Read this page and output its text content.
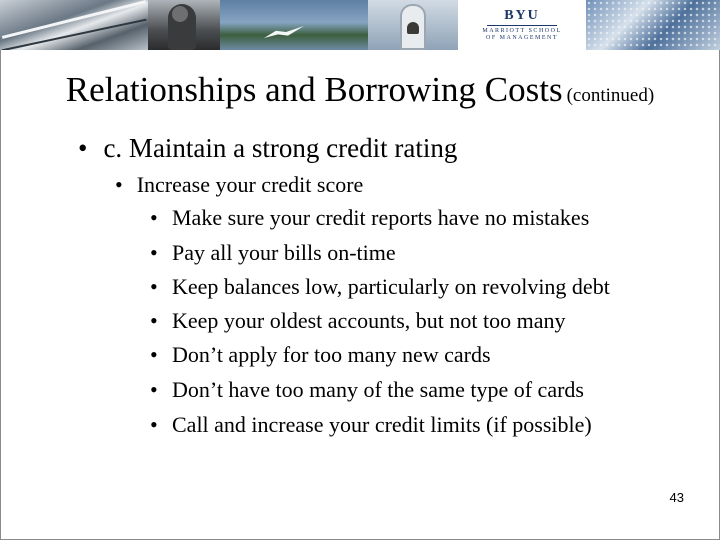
BYU
MARRIOTT SCHOOL
OF MANAGEMENT
Relationships and Borrowing Costs (continued)
• c. Maintain a strong credit rating
• Increase your credit score
• Make sure your credit reports have no mistakes
• Pay all your bills on-time
• Keep balances low, particularly on revolving debt
• Keep your oldest accounts, but not too many
• Don’t apply for too many new cards
• Don’t have too many of the same type of cards
• Call and increase your credit limits (if possible)
43
